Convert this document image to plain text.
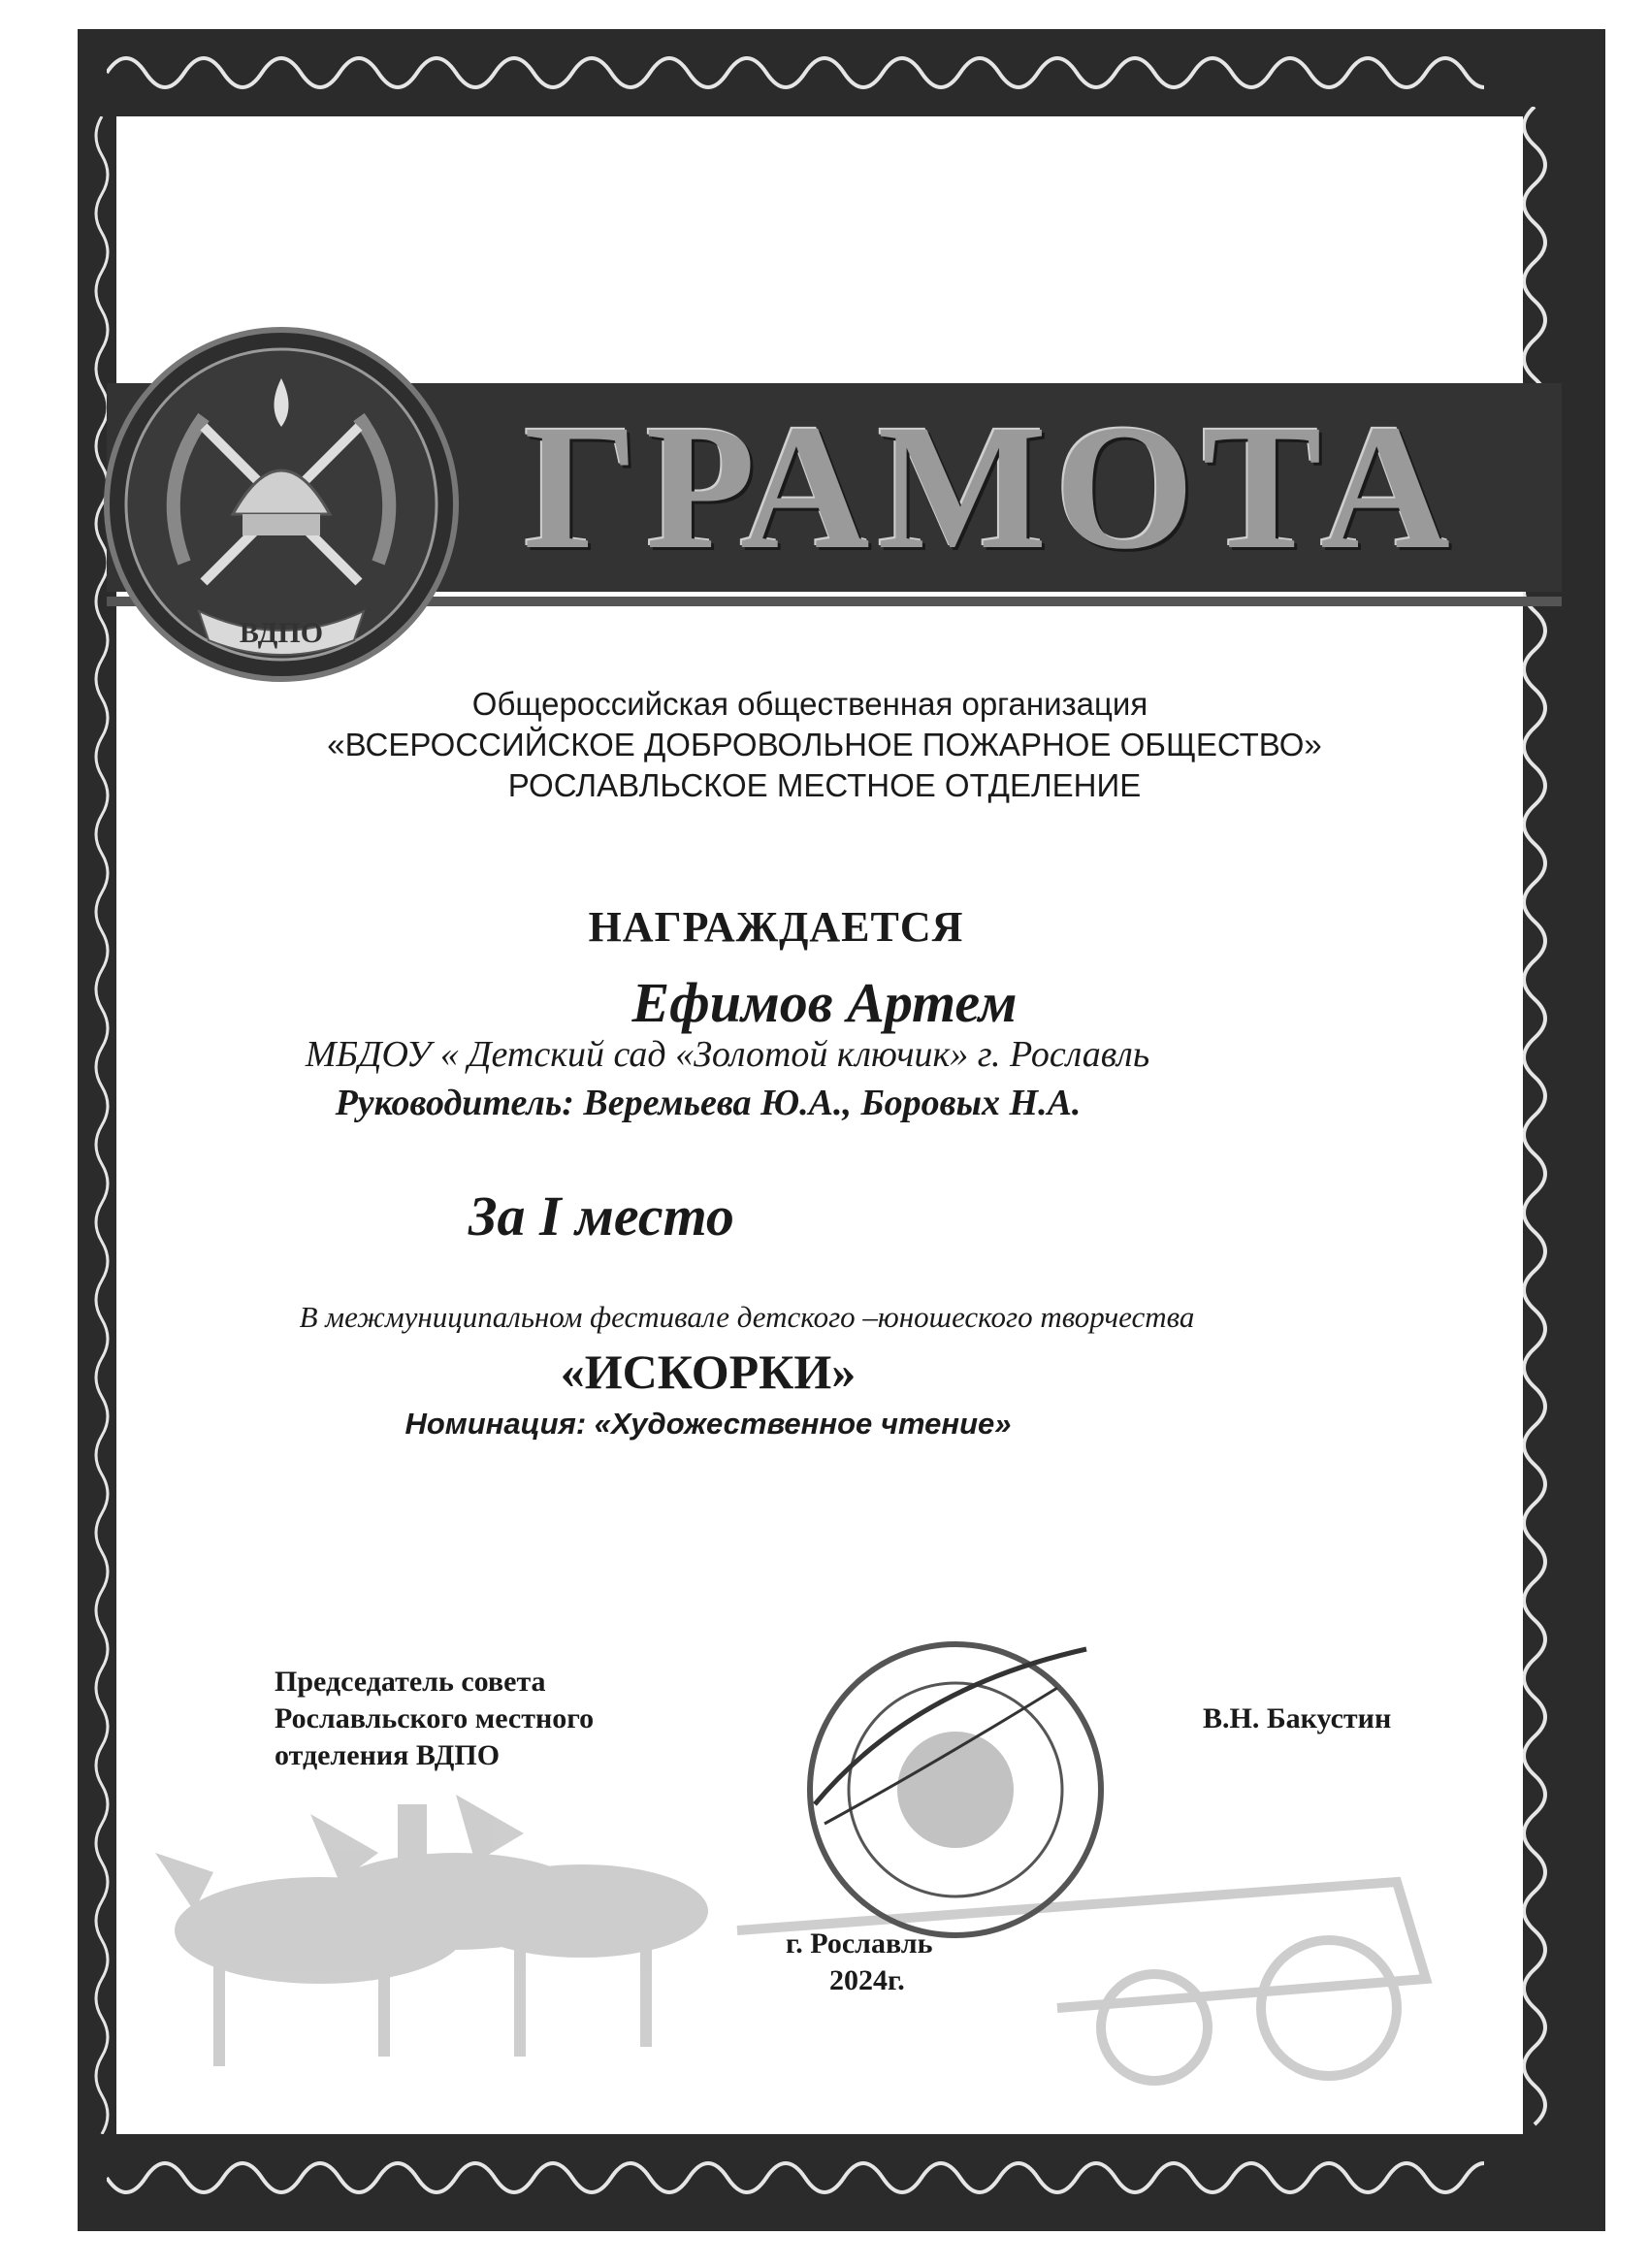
ГРАМОТА
ВДПО
Общероссийская общественная организация
«ВСЕРОССИЙСКОЕ ДОБРОВОЛЬНОЕ ПОЖАРНОЕ ОБЩЕСТВО»
РОСЛАВЛЬСКОЕ МЕСТНОЕ ОТДЕЛЕНИЕ
НАГРАЖДАЕТСЯ
Ефимов Артем
МБДОУ « Детский сад «Золотой ключик» г. Рославль
Руководитель: Веремьева Ю.А., Боровых Н.А.
За I место
В межмуниципальном фестивале детского –юношеского творчества
«ИСКОРКИ»
Номинация: «Художественное чтение»
Председатель совета
Рославльского местного
отделения ВДПО
В.Н. Бакустин
г. Рославль
2024г.
